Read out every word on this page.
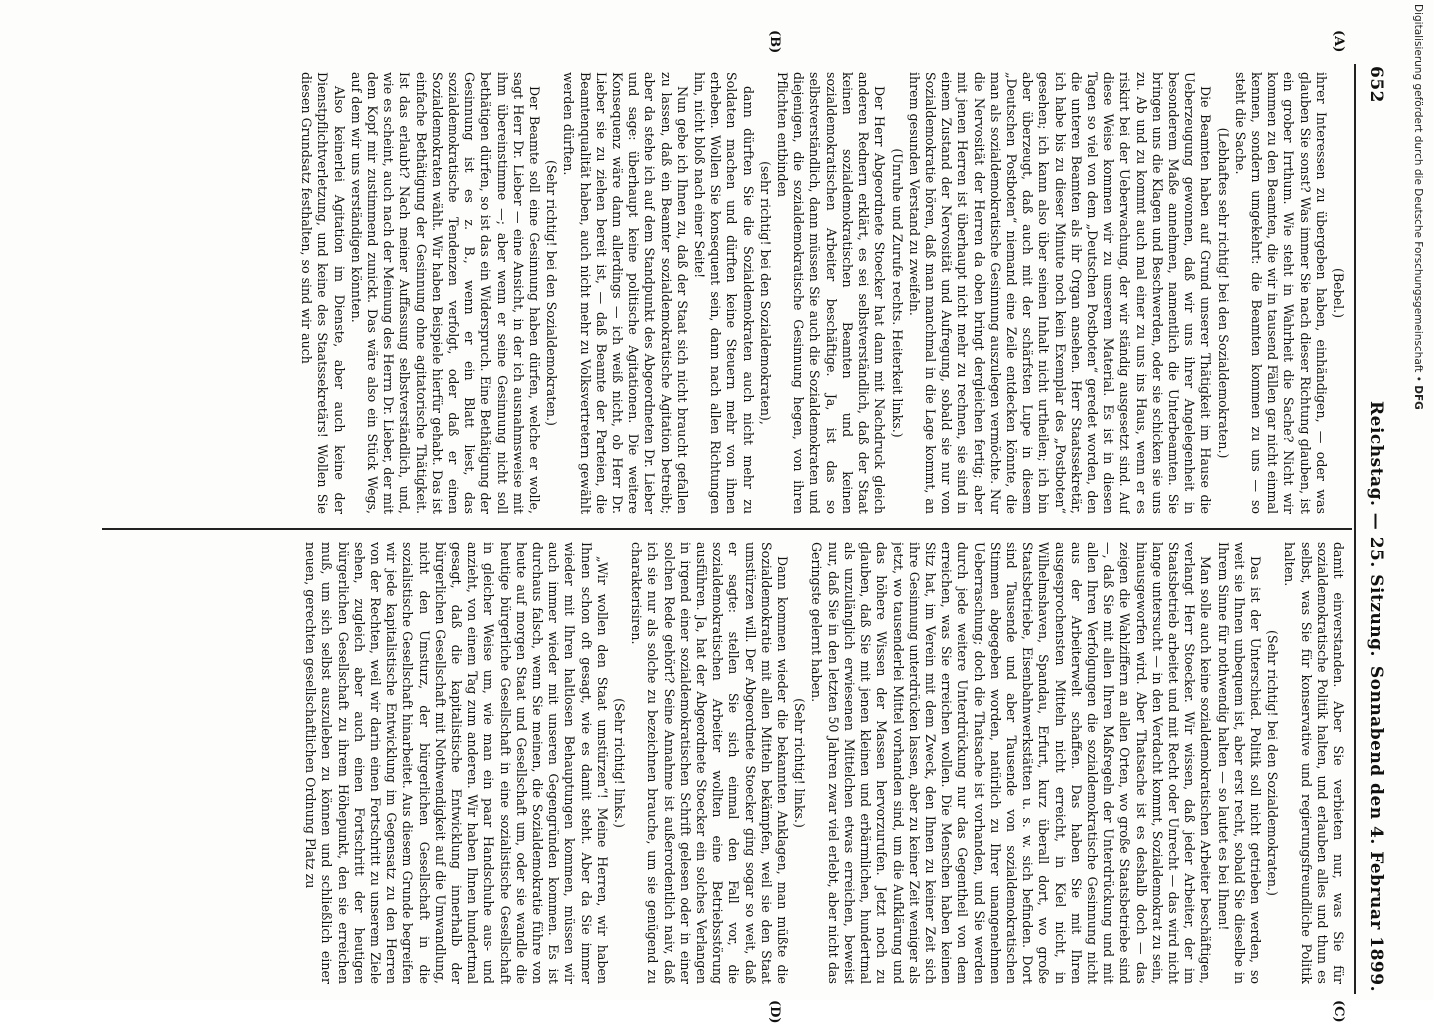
652
Reichstag. — 25. Sitzung.
Sonnabend den 4. Februar 1899.
(A)
(B)
(C)
(D)

(Bebel.)

ihrer Interessen zu übergeben haben, einhändigen, — oder was glauben Sie sonst? Was immer Sie nach dieser Richtung glauben, ist ein grober Irrthum. Wie steht in Wahrheit die Sache? Nicht wir kommen zu den Beamten, die wir in tausend Fällen gar nicht einmal kennen, sondern umgekehrt: die Beamten kommen zu uns — so steht die Sache.

(Lebhaftes sehr richtig! bei den Sozialdemokraten.)

Die Beamten haben auf Grund unserer Thätigkeit im Hause die Ueberzeugung gewonnen, daß wir uns ihrer Angelegenheit in besonderem Maße annehmen, namentlich die Unterbeamten. Sie bringen uns die Klagen und Beschwerden, oder sie schicken sie uns zu. Ab und zu kommt auch mal einer zu uns ins Haus, wenn er es riskirt bei der Ueberwachung, der wir ständig ausgesetzt sind. Auf diese Weise kommen wir zu unserem Material. Es ist in diesen Tagen so viel von dem „Deutschen Postboten“ geredet worden, den die unteren Beamten als ihr Organ ansehen. Herr Staatssekretär, ich habe bis zu dieser Minute noch kein Exemplar des „Postboten“ gesehen; ich kann also über seinen Inhalt nicht urtheilen; ich bin aber überzeugt, daß auch mit der schärfsten Lupe in diesem „Deutschen Postboten“ niemand eine Zeile entdecken könnte, die man als sozialdemokratische Gesinnung auszulegen vermöchte. Nur die Nervosität der Herren da oben bringt dergleichen fertig; aber mit jenen Herren ist überhaupt nicht mehr zu rechnen, sie sind in einem Zustand der Nervosität und Aufregung, sobald sie nur von Sozialdemokratie hören, daß man manchmal in die Lage kommt, an ihrem gesunden Verstand zu zweifeln.

(Unruhe und Zurufe rechts. Heiterkeit links.)

Der Herr Abgeordnete Stoecker hat dann mit Nachdruck gleich anderen Rednern erklärt, es sei selbstverständlich, daß der Staat keinen sozialdemokratischen Beamten und keinen sozialdemokratischen Arbeiter beschäftige. Ja, ist das so selbstverständlich, dann müssen Sie auch die Sozialdemokraten und diejenigen, die sozialdemokratische Gesinnung hegen, von ihren Pflichten entbinden

(sehr richtig! bei den Sozialdemokraten),

dann dürften Sie die Sozialdemokraten auch nicht mehr zu Soldaten machen und dürften keine Steuern mehr von ihnen erheben. Wollen Sie konsequent sein, dann nach allen Richtungen hin, nicht bloß nach einer Seite!

Nun gebe ich Ihnen zu, daß der Staat sich nicht braucht gefallen zu lassen, daß ein Beamter sozialdemokratische Agitation betreibt; aber da stehe ich auf dem Standpunkt des Abgeordneten Dr. Lieber und sage: überhaupt keine politische Agitationen. Die weitere Konsequenz wäre dann allerdings — ich weiß nicht, ob Herr Dr. Lieber sie zu ziehen bereit ist, — daß Beamte der Parteien, die Beamtenqualität haben, auch nicht mehr zu Volksvertretern gewählt werden dürften.

(Sehr richtig! bei den Sozialdemokraten.)

Der Beamte soll eine Gesinnung haben dürfen, welche er wolle, sagt Herr Dr. Lieber — eine Ansicht, in der ich ausnahmsweise mit ihm übereinstimme —; aber wenn er seine Gesinnung nicht soll bethätigen dürfen, so ist das ein Widerspruch. Eine Bethätigung der Gesinnung ist es z. B., wenn er ein Blatt liest, das sozialdemokratische Tendenzen verfolgt, oder daß er einen Sozialdemokraten wählt. Wir haben Beispiele hierfür gehabt. Das ist einfache Bethätigung der Gesinnung ohne agitatorische Thätigkeit. Ist das erlaubt? Nach meiner Auffassung selbstverständlich, und, wie es scheint, auch nach der Meinung des Herrn Dr. Lieber, der mit dem Kopf mir zustimmend zunickt. Das wäre also ein Stück Wegs, auf dem wir uns verständigen könnten.

Also keinerlei Agitation im Dienste, aber auch keine der Dienstpflichtverletzung, und keine des Staatssekretärs! Wollen Sie diesen Grundsatz festhalten, so sind wir auch

damit einverstanden. Aber Sie verbieten nur, was Sie für sozialdemokratische Politik halten, und erlauben alles und thun es selbst, was Sie für konservative und regierungsfreundliche Politik halten.

(Sehr richtig! bei den Sozialdemokraten.)

Das ist der Unterschied. Politik soll nicht getrieben werden, so weit sie Ihnen unbequem ist, aber erst recht, sobald Sie dieselbe in Ihrem Sinne für nothwendig halten — so lautet es bei Ihnen!

Man solle auch keine sozialdemokratischen Arbeiter beschäftigen, verlangt Herr Stoecker. Wir wissen, daß jeder Arbeiter, der im Staatsbetrieb arbeitet und mit Recht oder Unrecht — das wird nicht lange untersucht — in den Verdacht kommt, Sozialdemokrat zu sein, hinausgeworfen wird. Aber Thatsache ist es deshalb doch — das zeigen die Wahlziffern an allen Orten, wo große Staatsbetriebe sind —, daß Sie mit allen Ihren Maßregeln der Unterdrückung und mit allen Ihren Verfolgungen die sozialdemokratische Gesinnung nicht aus der Arbeiterwelt schaffen. Das haben Sie mit Ihren ausgesprochensten Mitteln nicht erreicht, in Kiel nicht, in Wilhelmshaven, Spandau, Erfurt, kurz überall dort, wo große Staatsbetriebe, Eisenbahnwerkstätten u. s. w. sich befinden. Dort sind Tausende und aber Tausende von sozialdemokratischen Stimmen abgegeben worden, natürlich zu Ihrer unangenehmen Ueberraschung; doch die Thatsache ist vorhanden, und Sie werden durch jede weitere Unterdrückung nur das Gegentheil von dem erreichen, was Sie erreichen wollen. Die Menschen haben keinen Sitz hat, im Verein mit dem Zweck, den Ihnen zu keiner Zeit sich ihre Gesinnung unterdrücken lassen, aber zu keiner Zeit weniger als jetzt, wo tausenderlei Mittel vorhanden sind, um die Aufklärung und das höhere Wissen der Massen hervorzurufen. Jetzt noch zu glauben, daß Sie mit jenen kleinen und erbärmlichen, hundertmal als unzulänglich erwiesenen Mittelchen etwas erreichen, beweist nur, daß Sie in den letzten 50 Jahren zwar viel erlebt, aber nicht das Geringste gelernt haben.

(Sehr richtig! links.)

Dann kommen wieder die bekannten Anklagen, man müßte die Sozialdemokratie mit allen Mitteln bekämpfen, weil sie den Staat umstürzen will. Der Abgeordnete Stoecker ging sogar so weit, daß er sagte: stellen Sie sich einmal den Fall vor, die sozialdemokratischen Arbeiter wollten eine Betriebsstörung ausführen. Ja, hat der Abgeordnete Stoecker ein solches Verlangen in irgend einer sozialdemokratischen Schrift gelesen oder in einer solchen Rede gehört? Seine Annahme ist außerordentlich naiv, daß ich sie nur als solche zu bezeichnen brauche, um sie genügend zu charakterisiren.

(Sehr richtig! links.)

„Wir wollen den Staat umstürzen“! Meine Herren, wir haben Ihnen schon oft gesagt, wie es damit steht. Aber da Sie immer wieder mit Ihren haltlosen Behauptungen kommen, müssen wir auch immer wieder mit unseren Gegengründen kommen. Es ist durchaus falsch, wenn Sie meinen, die Sozialdemokratie führe von heute auf morgen Staat und Gesellschaft um, oder sie wandle die heutige bürgerliche Gesellschaft in eine sozialistische Gesellschaft in gleicher Weise um, wie man ein paar Handschuhe aus- und anzieht, von einem Tag zum anderen. Wir haben Ihnen hundertmal gesagt, daß die kapitalistische Entwicklung innerhalb der bürgerlichen Gesellschaft mit Nothwendigkeit auf die Umwandlung, nicht den Umsturz, der bürgerlichen Gesellschaft in die sozialistische Gesellschaft hinarbeitet. Aus diesem Grunde begreifen wir jede kapitalistische Entwicklung im Gegensatz zu den Herren von der Rechten, weil wir darin einen Fortschritt zu unserem Ziele sehen, zugleich aber auch einen Fortschritt der heutigen bürgerlichen Gesellschaft zu ihrem Höhepunkt, den sie erreichen muß, um sich selbst auszuleben zu können und schließlich einer neuen, gerechten gesellschaftlichen Ordnung Platz zu

Digitalisierung gefördert durch die Deutsche Forschungsgemeinschaft • DFG
